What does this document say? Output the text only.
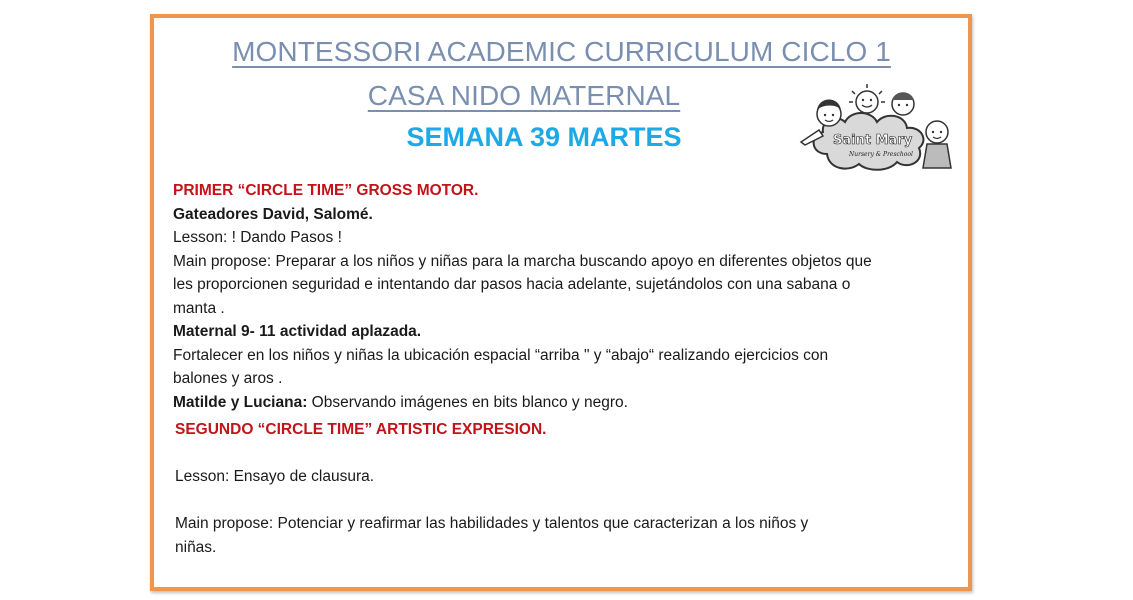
MONTESSORI ACADEMIC CURRICULUM CICLO 1
CASA NIDO MATERNAL
SEMANA 39 MARTES	Saint Mary
Nursery & Preschool
PRIMER “CIRCLE TIME” GROSS MOTOR.
Gateadores David, Salomé.
Lesson: ! Dando Pasos !
Main propose: Preparar a los niños y niñas para la marcha buscando apoyo en diferentes objetos que
les proporcionen seguridad e intentando dar pasos hacia adelante, sujetándolos con una sabana o
manta .
Maternal 9- 11 actividad aplazada.
Fortalecer en los niños y niñas la ubicación espacial “arriba " y “abajo“ realizando ejercicios con
balones y aros .
Matilde y Luciana: Observando imágenes en bits blanco y negro.
SEGUNDO “CIRCLE TIME” ARTISTIC EXPRESION.
Lesson: Ensayo de clausura.
Main propose: Potenciar y reafirmar las habilidades y talentos que caracterizan a los niños y
niñas.
